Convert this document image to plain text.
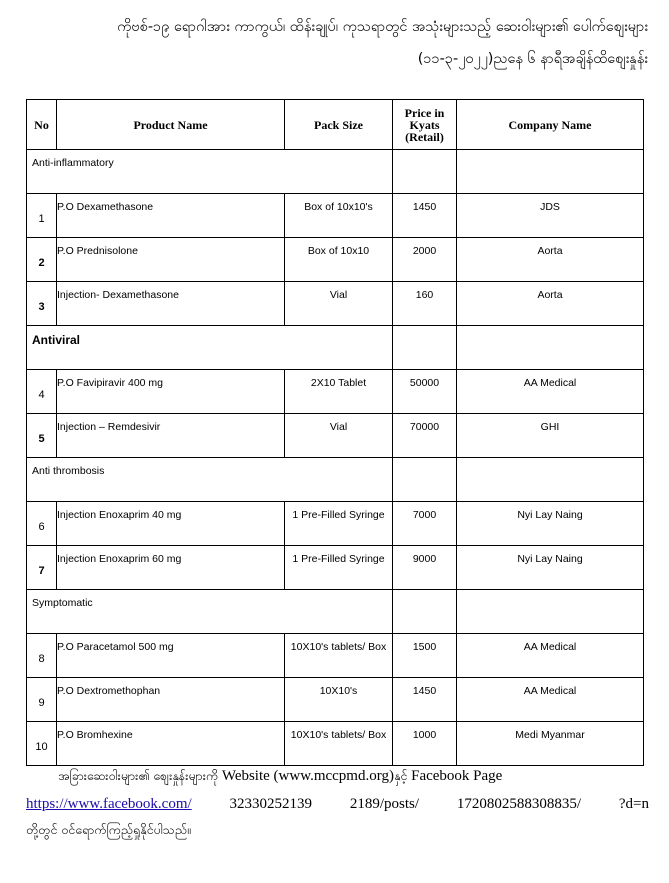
ကိုဗစ်-၁၉ ရောဂါအား ကာကွယ်၊ ထိန်းချုပ်၊ ကုသရာတွင် အသုံးများသည့် ဆေးဝါးများ၏ ပေါက်စျေးများ
(၁၁-၃-၂၀၂၂)ညနေ ၆ နာရီအချိန်ထိစျေးနှုန်း
No	Product Name	Pack Size	Price in Kyats (Retail)	Company Name

Anti-inflammatory				

1	P.O Dexamethasone	Box of 10x10's	1450	JDS

2	P.O Prednisolone	Box of 10x10	2000	Aorta

3	Injection- Dexamethasone	Vial	160	Aorta

Antiviral				

4	P.O Favipiravir 400 mg	2X10 Tablet	50000	AA Medical

5	Injection – Remdesivir	Vial	70000	GHI

Anti thrombosis				

6	Injection Enoxaprim 40 mg	1 Pre-Filled Syringe	7000	Nyi Lay Naing

7	Injection Enoxaprim 60 mg	1 Pre-Filled Syringe	9000	Nyi Lay Naing

Symptomatic				

8	P.O Paracetamol 500 mg	10X10's tablets/ Box	1500	AA Medical

9	P.O Dextromethophan	10X10's	1450	AA Medical

10	P.O Bromhexine	10X10's tablets/ Box	1000	Medi Myanmar
အခြားဆေးဝါးများ၏ စျေးနှုန်းများကို Website (www.mccpmd.org)နှင့် Facebook Page
https://www.facebook.com/	32330252139	2189/posts/	1720802588308835/	?d=n
တို့တွင် ဝင်ရောက်ကြည့်ရှုနိုင်ပါသည်။
